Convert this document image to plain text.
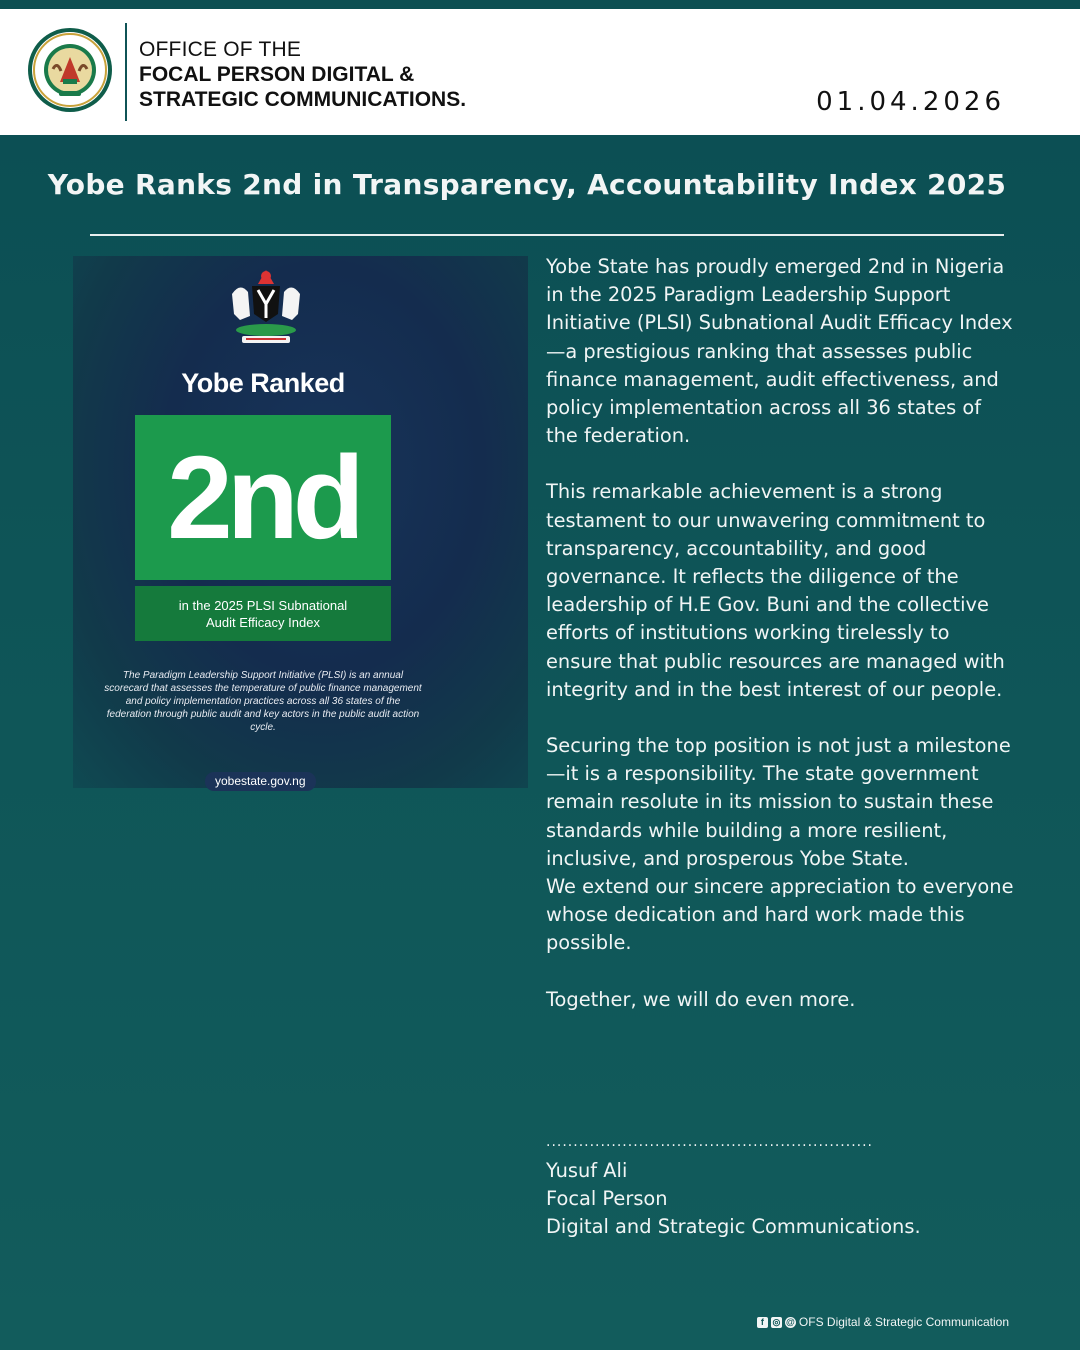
OFFICE OF THE
FOCAL PERSON DIGITAL &
STRATEGIC COMMUNICATIONS.	01.04.2026
Yobe Ranks 2nd in Transparency, Accountability Index 2025
Yobe Ranked
2nd
in the 2025 PLSI Subnational
Audit Efficacy Index
The Paradigm Leadership Support Initiative (PLSI) is an annual scorecard that assesses the temperature of public finance management and policy implementation practices across all 36 states of the federation through public audit and key actors in the public audit action cycle.
yobestate.gov.ng

Yobe State has proudly emerged 2nd in Nigeria in the 2025 Paradigm Leadership Support Initiative (PLSI) Subnational Audit Efficacy Index—a prestigious ranking that assesses public finance management, audit effectiveness, and policy implementation across all 36 states of the federation.

This remarkable achievement is a strong testament to our unwavering commitment to transparency, accountability, and good governance. It reflects the diligence of the leadership of H.E Gov. Buni and the collective efforts of institutions working tirelessly to ensure that public resources are managed with integrity and in the best interest of our people.

Securing the top position is not just a milestone—it is a responsibility. The state government remain resolute in its mission to sustain these standards while building a more resilient, inclusive, and prosperous Yobe State.

We extend our sincere appreciation to everyone whose dedication and hard work made this possible.

Together, we will do even more.

............................................................
Yusuf Ali
Focal Person
Digital and Strategic Communications.
f ◎ @ OFS Digital & Strategic Communication
